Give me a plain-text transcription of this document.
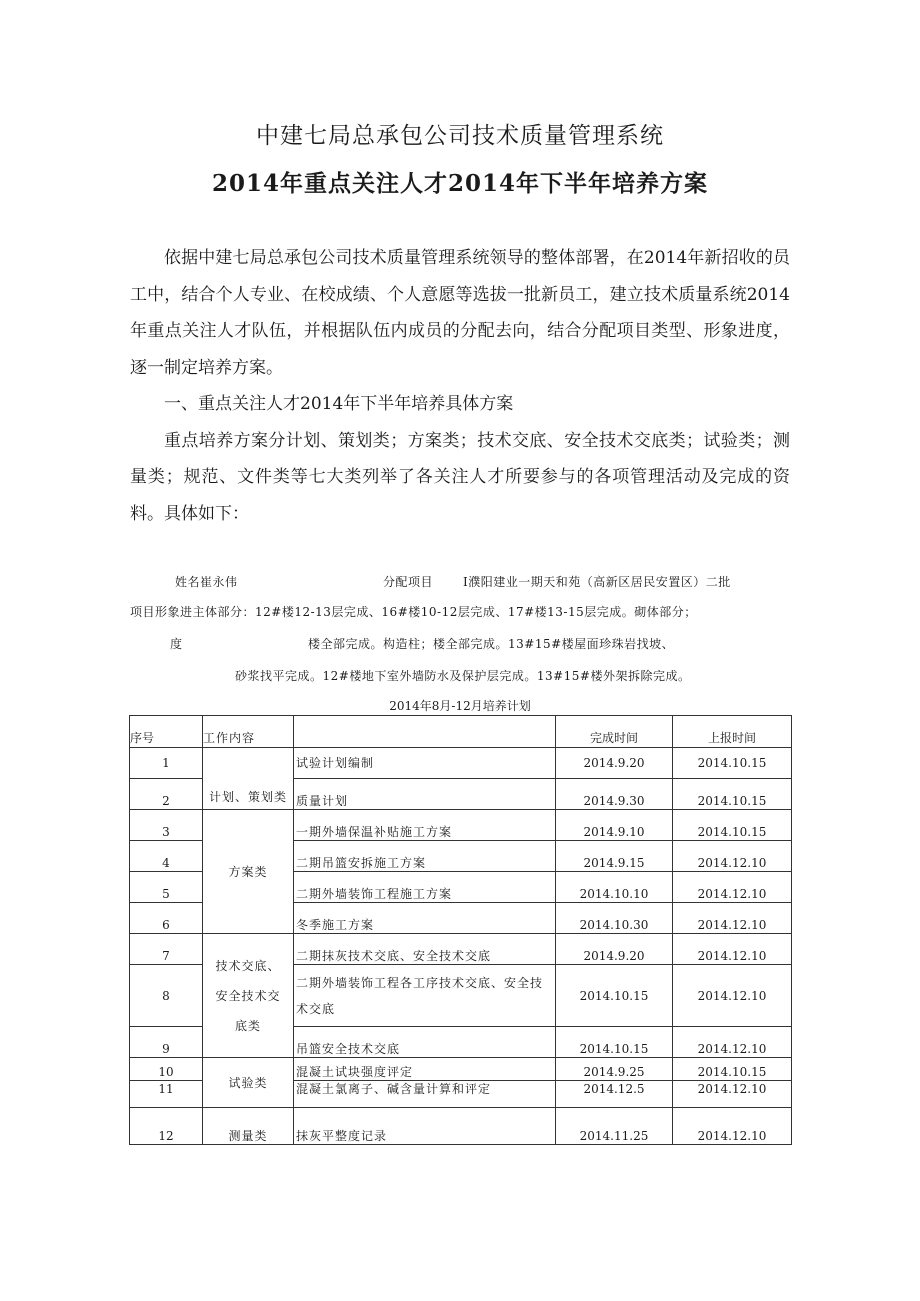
中建七局总承包公司技术质量管理系统
2014年重点关注人才2014年下半年培养方案

依据中建七局总承包公司技术质量管理系统领导的整体部署，在2014年新招收的员工中，结合个人专业、在校成绩、个人意愿等选拔一批新员工，建立技术质量系统2014年重点关注人才队伍，并根据队伍内成员的分配去向，结合分配项目类型、形象进度，逐一制定培养方案。

一、重点关注人才2014年下半年培养具体方案

重点培养方案分计划、策划类；方案类；技术交底、安全技术交底类；试验类；测量类；规范、文件类等七大类列举了各关注人才所要参与的各项管理活动及完成的资料。具体如下：

姓名崔永伟	分配项目 I濮阳建业一期天和苑（高新区居民安置区）二批
项目形象进主体部分：12#楼12-13层完成、16#楼10-12层完成、17#楼13-15层完成。砌体部分；
度	楼全部完成。构造柱；楼全部完成。13#15#楼屋面珍珠岩找坡、
砂浆找平完成。12#楼地下室外墙防水及保护层完成。13#15#楼外架拆除完成。
2014年8月-12月培养计划
序号	工作内容		完成时间	上报时间
1	计划、策划类	试验计划编制	2014.9.20	2014.10.15
2		质量计划	2014.9.30	2014.10.15
3	方案类	一期外墙保温补贴施工方案	2014.9.10	2014.10.15
4		二期吊篮安拆施工方案	2014.9.15	2014.12.10
5		二期外墙装饰工程施工方案	2014.10.10	2014.12.10
6		冬季施工方案	2014.10.30	2014.12.10
7	技术交底、
安全技术交
底类	二期抹灰技术交底、安全技术交底	2014.9.20	2014.12.10
8		二期外墙装饰工程各工序技术交底、安全技术交底	2014.10.15	2014.12.10
9		吊篮安全技术交底	2014.10.15	2014.12.10
10	试验类	混凝土试块强度评定	2014.9.25	2014.10.15
11		混凝土氯离子、碱含量计算和评定	2014.12.5	2014.12.10
12	测量类	抹灰平整度记录	2014.11.25	2014.12.10
